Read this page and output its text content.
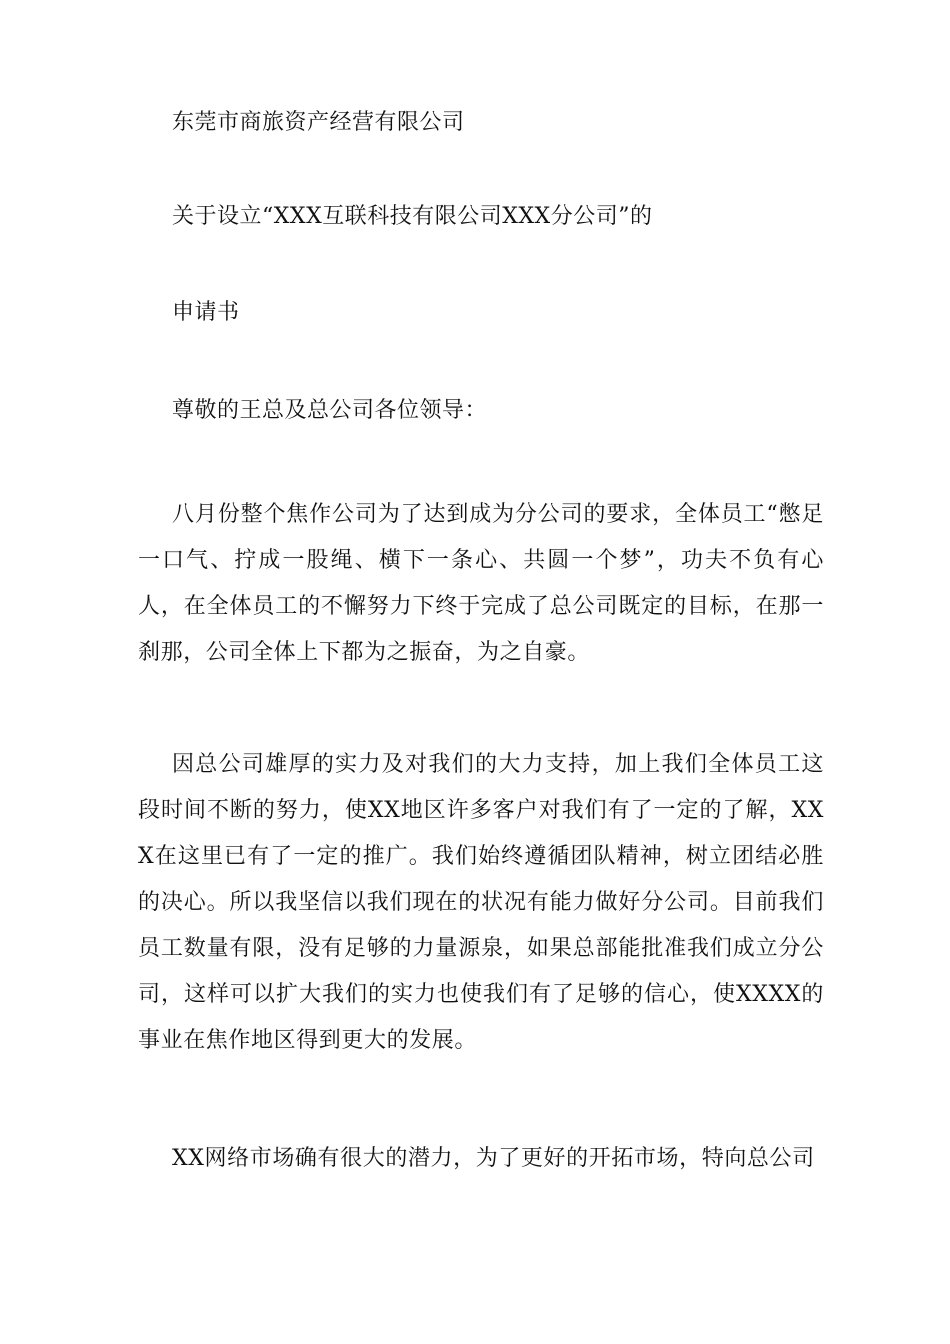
东莞市商旅资产经营有限公司
关于设立“XXX互联科技有限公司XXX分公司”的
申请书
尊敬的王总及总公司各位领导：
八月份整个焦作公司为了达到成为分公司的要求，全体员工“憋足一口气、拧成一股绳、横下一条心、共圆一个梦”，功夫不负有心人，在全体员工的不懈努力下终于完成了总公司既定的目标，在那一刹那，公司全体上下都为之振奋，为之自豪。
因总公司雄厚的实力及对我们的大力支持，加上我们全体员工这段时间不断的努力，使XX地区许多客户对我们有了一定的了解，XXX在这里已有了一定的推广。我们始终遵循团队精神，树立团结必胜的决心。所以我坚信以我们现在的状况有能力做好分公司。目前我们员工数量有限，没有足够的力量源泉，如果总部能批准我们成立分公司，这样可以扩大我们的实力也使我们有了足够的信心，使XXXX的事业在焦作地区得到更大的发展。
XX网络市场确有很大的潜力，为了更好的开拓市场，特向总公司
